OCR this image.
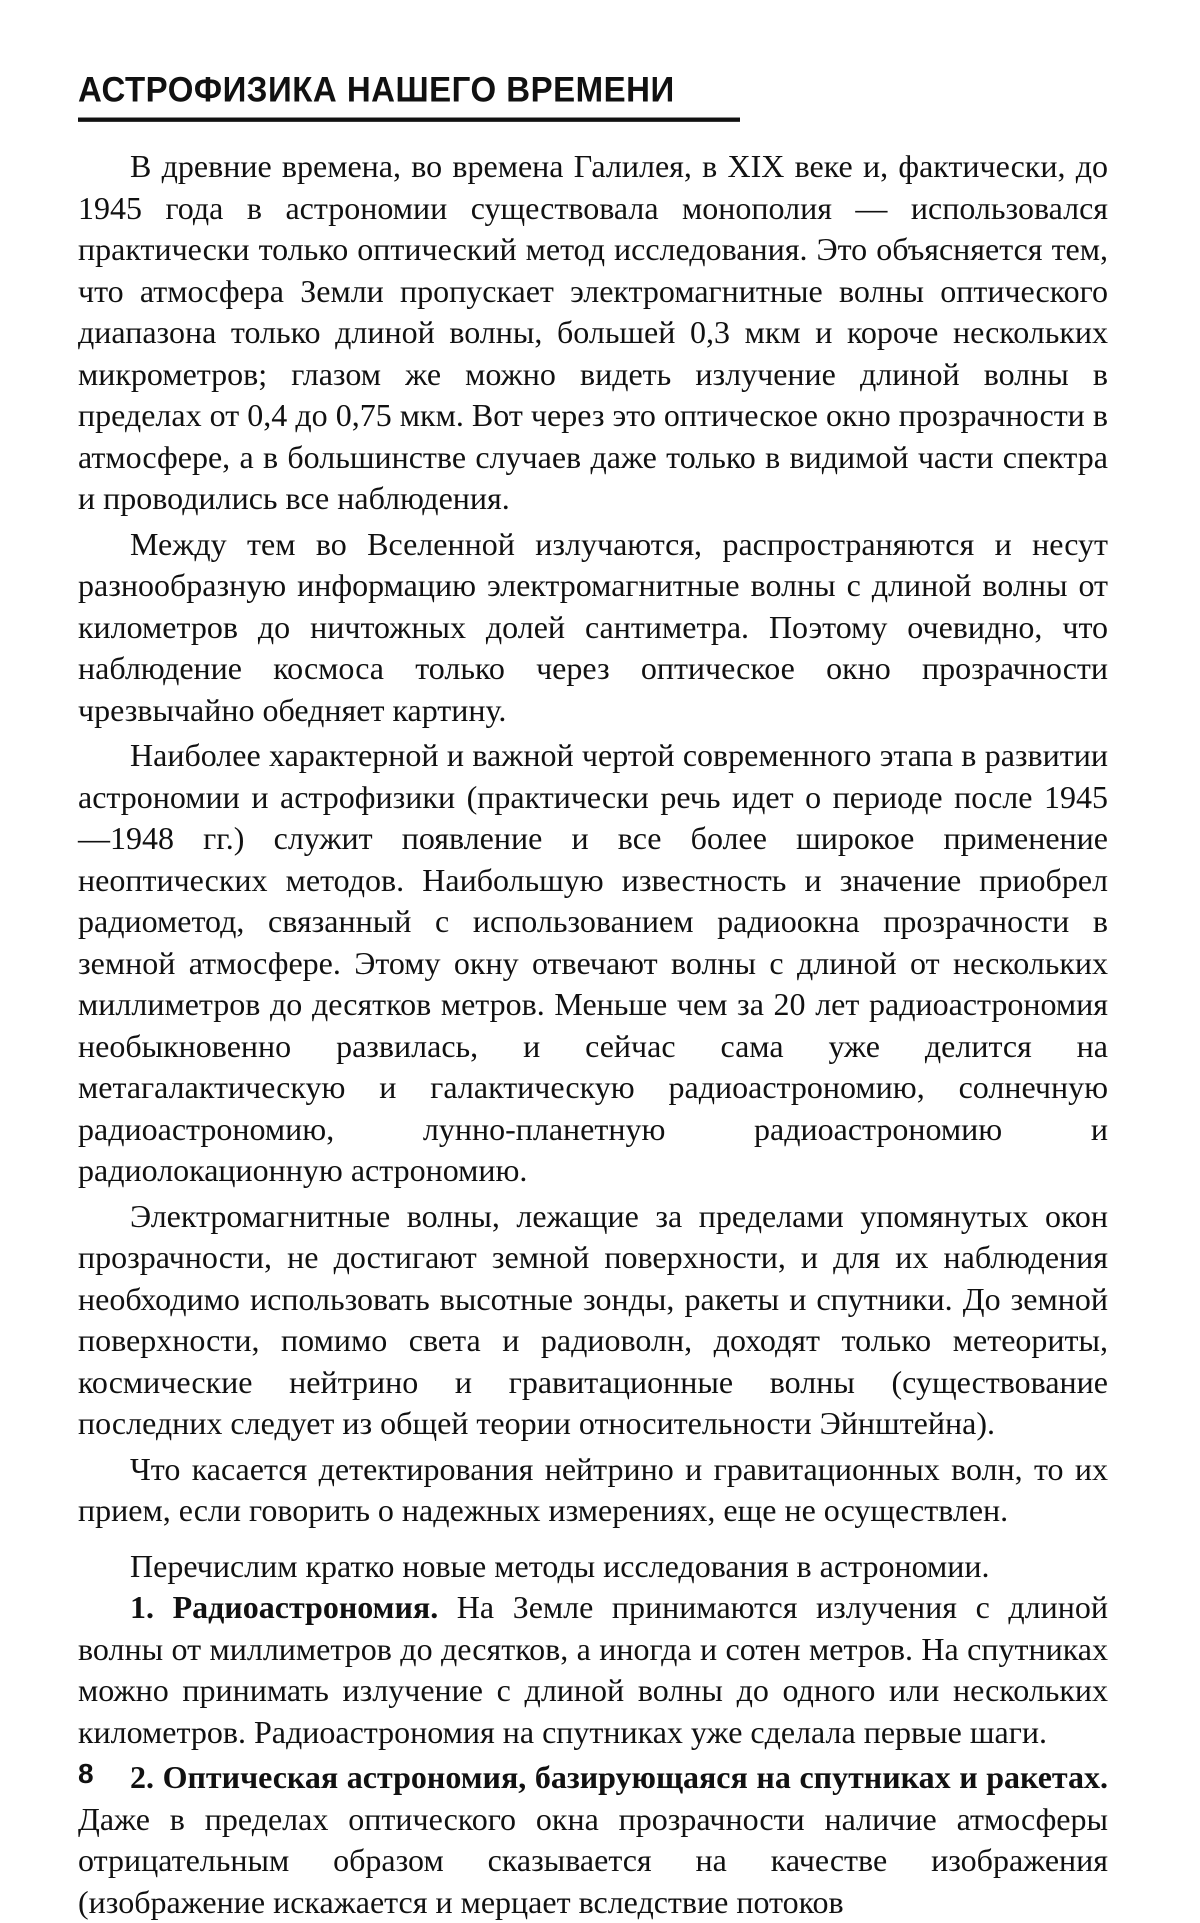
АСТРОФИЗИКА НАШЕГО ВРЕМЕНИ

В древние времена, во времена Галилея, в XIX веке и, фактически, до 1945 года в астрономии существовала монополия — использовался практически только оптический метод исследования. Это объясняется тем, что атмосфера Земли пропускает электромагнитные волны оптического диапазона только длиной волны, большей 0,3 мкм и короче нескольких микрометров; глазом же можно видеть излучение длиной волны в пределах от 0,4 до 0,75 мкм. Вот через это оптическое окно прозрачности в атмосфере, а в большинстве случаев даже только в видимой части спектра и проводились все наблюдения.

Между тем во Вселенной излучаются, распространяются и несут разнообразную информацию электромагнитные волны с длиной волны от километров до ничтожных долей сантиметра. Поэтому очевидно, что наблюдение космоса только через оптическое окно прозрачности чрезвычайно обедняет картину.

Наиболее характерной и важной чертой современного этапа в развитии астрономии и астрофизики (практически речь идет о периоде после 1945—1948 гг.) служит появление и все более широкое применение неоптических методов. Наибольшую известность и значение приобрел радиометод, связанный с использованием радиоокна прозрачности в земной атмосфере. Этому окну отвечают волны с длиной от нескольких миллиметров до десятков метров. Меньше чем за 20 лет радиоастрономия необыкновенно развилась, и сейчас сама уже делится на метагалактическую и галактическую радиоастрономию, солнечную радиоастрономию, лунно-планетную радиоастрономию и радиолокационную астрономию.

Электромагнитные волны, лежащие за пределами упомянутых окон прозрачности, не достигают земной поверхности, и для их наблюдения необходимо использовать высотные зонды, ракеты и спутники. До земной поверхности, помимо света и радиоволн, доходят только метеориты, космические нейтрино и гравитационные волны (существование последних следует из общей теории относительности Эйнштейна).

Что касается детектирования нейтрино и гравитационных волн, то их прием, если говорить о надежных измерениях, еще не осуществлен.

Перечислим кратко новые методы исследования в астрономии.

1. Радиоастрономия. На Земле принимаются излучения с длиной волны от миллиметров до десятков, а иногда и сотен метров. На спутниках можно принимать излучение с длиной волны до одного или нескольких километров. Радиоастрономия на спутниках уже сделала первые шаги.

2. Оптическая астрономия, базирующаяся на спутниках и ракетах. Даже в пределах оптического окна прозрачности наличие атмосферы отрицательным образом сказывается на качестве изображения (изображение искажается и мерцает вследствие потоков

8
